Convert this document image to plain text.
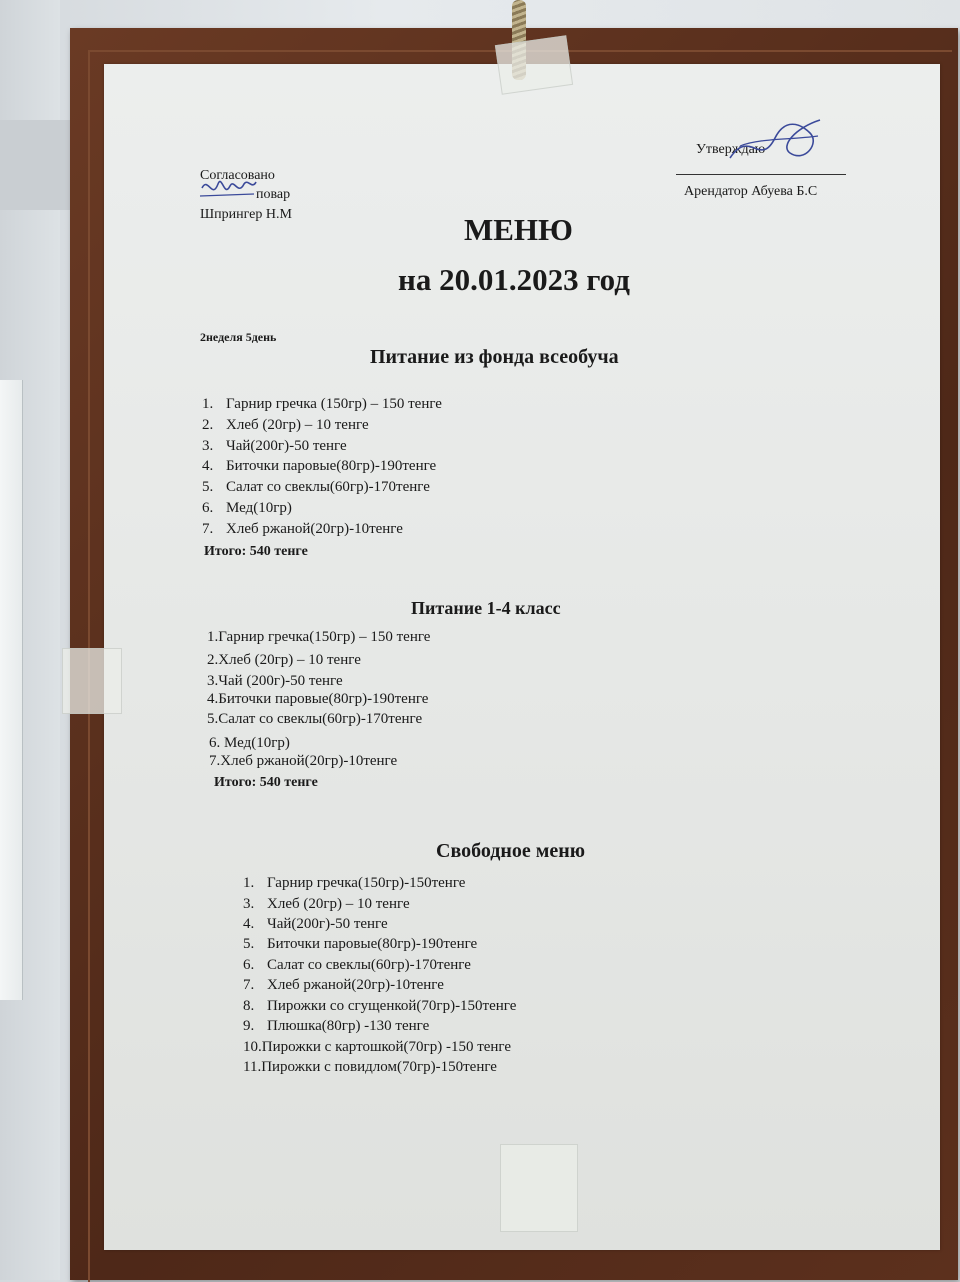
Согласовано
повар
Шпрингер Н.М
Утверждаю
Арендатор Абуева Б.С
МЕНЮ
на 20.01.2023 год
2неделя 5день
Питание из фонда всеобуча
1. Гарнир гречка (150гр) – 150 тенге
2. Хлеб (20гр) – 10 тенге
3. Чай(200г)-50 тенге
4. Биточки паровые(80гр)-190тенге
5. Салат со свеклы(60гр)-170тенге
6. Мед(10гр)
7. Хлеб ржаной(20гр)-10тенге
Итого: 540 тенге
Питание 1-4 класс
1.Гарнир гречка(150гр) – 150 тенге
2.Хлеб (20гр) – 10 тенге
3.Чай (200г)-50 тенге
4.Биточки паровые(80гр)-190тенге
5.Салат со свеклы(60гр)-170тенге
6. Мед(10гр)
7.Хлеб ржаной(20гр)-10тенге
Итого: 540 тенге
Свободное меню
1. Гарнир гречка(150гр)-150тенге
3. Хлеб (20гр) – 10 тенге
4. Чай(200г)-50 тенге
5. Биточки паровые(80гр)-190тенге
6. Салат со свеклы(60гр)-170тенге
7. Хлеб ржаной(20гр)-10тенге
8. Пирожки со сгущенкой(70гр)-150тенге
9. Плюшка(80гр) -130 тенге
10.Пирожки с картошкой(70гр) -150 тенге
11.Пирожки с повидлом(70гр)-150тенге
